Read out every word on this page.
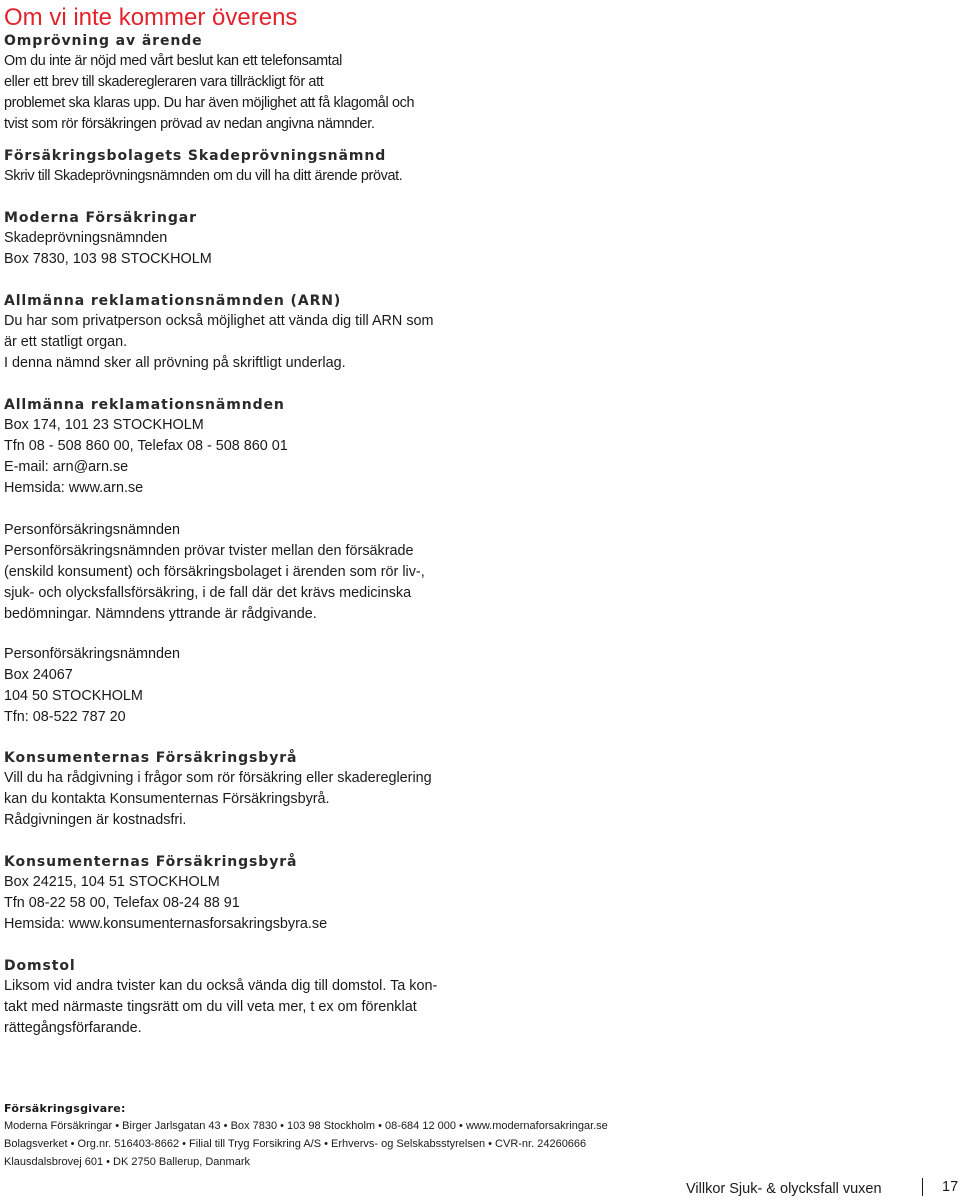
Om vi inte kommer överens
Omprövning av ärende
Om du inte är nöjd med vårt beslut kan ett telefonsamtal
eller ett brev till skaderegleraren vara tillräckligt för att
problemet ska klaras upp. Du har även möjlighet att få klagomål och
tvist som rör försäkringen prövad av nedan angivna nämnder.
Försäkringsbolagets Skadeprövningsnämnd
Skriv till Skadeprövningsnämnden om du vill ha ditt ärende prövat.
Moderna Försäkringar
Skadeprövningsnämnden
Box 7830, 103 98 STOCKHOLM
Allmänna reklamationsnämnden (ARN)
Du har som privatperson också möjlighet att vända dig till ARN som
är ett statligt organ.
I denna nämnd sker all prövning på skriftligt underlag.
Allmänna reklamationsnämnden
Box 174, 101 23 STOCKHOLM
Tfn 08 - 508 860 00, Telefax 08 - 508 860 01
E-mail: arn@arn.se
Hemsida: www.arn.se
Personförsäkringsnämnden
Personförsäkringsnämnden prövar tvister mellan den försäkrade
(enskild konsument) och försäkringsbolaget i ärenden som rör liv-,
sjuk- och olycksfallsförsäkring, i de fall där det krävs medicinska
bedömningar. Nämndens yttrande är rådgivande.
Personförsäkringsnämnden
Box 24067
104 50 STOCKHOLM
Tfn: 08-522 787 20
Konsumenternas Försäkringsbyrå
Vill du ha rådgivning i frågor som rör försäkring eller skadereglering
kan du kontakta Konsumenternas Försäkringsbyrå.
Rådgivningen är kostnadsfri.
Konsumenternas Försäkringsbyrå
Box 24215, 104 51 STOCKHOLM
Tfn 08-22 58 00, Telefax 08-24 88 91
Hemsida: www.konsumenternasforsakringsbyra.se
Domstol
Liksom vid andra tvister kan du också vända dig till domstol. Ta kon-
takt med närmaste tingsrätt om du vill veta mer, t ex om förenklat
rättegångsförfarande.
Försäkringsgivare:
Moderna Försäkringar • Birger Jarlsgatan 43 • Box 7830 • 103 98 Stockholm • 08-684 12 000 • www.modernaforsakringar.se
Bolagsverket • Org.nr. 516403-8662 • Filial till Tryg Forsikring A/S • Erhvervs- og Selskabsstyrelsen • CVR-nr. 24260666
Klausdalsbrovej 601 • DK 2750 Ballerup, Danmark
Villkor Sjuk- & olycksfall vuxen	17
